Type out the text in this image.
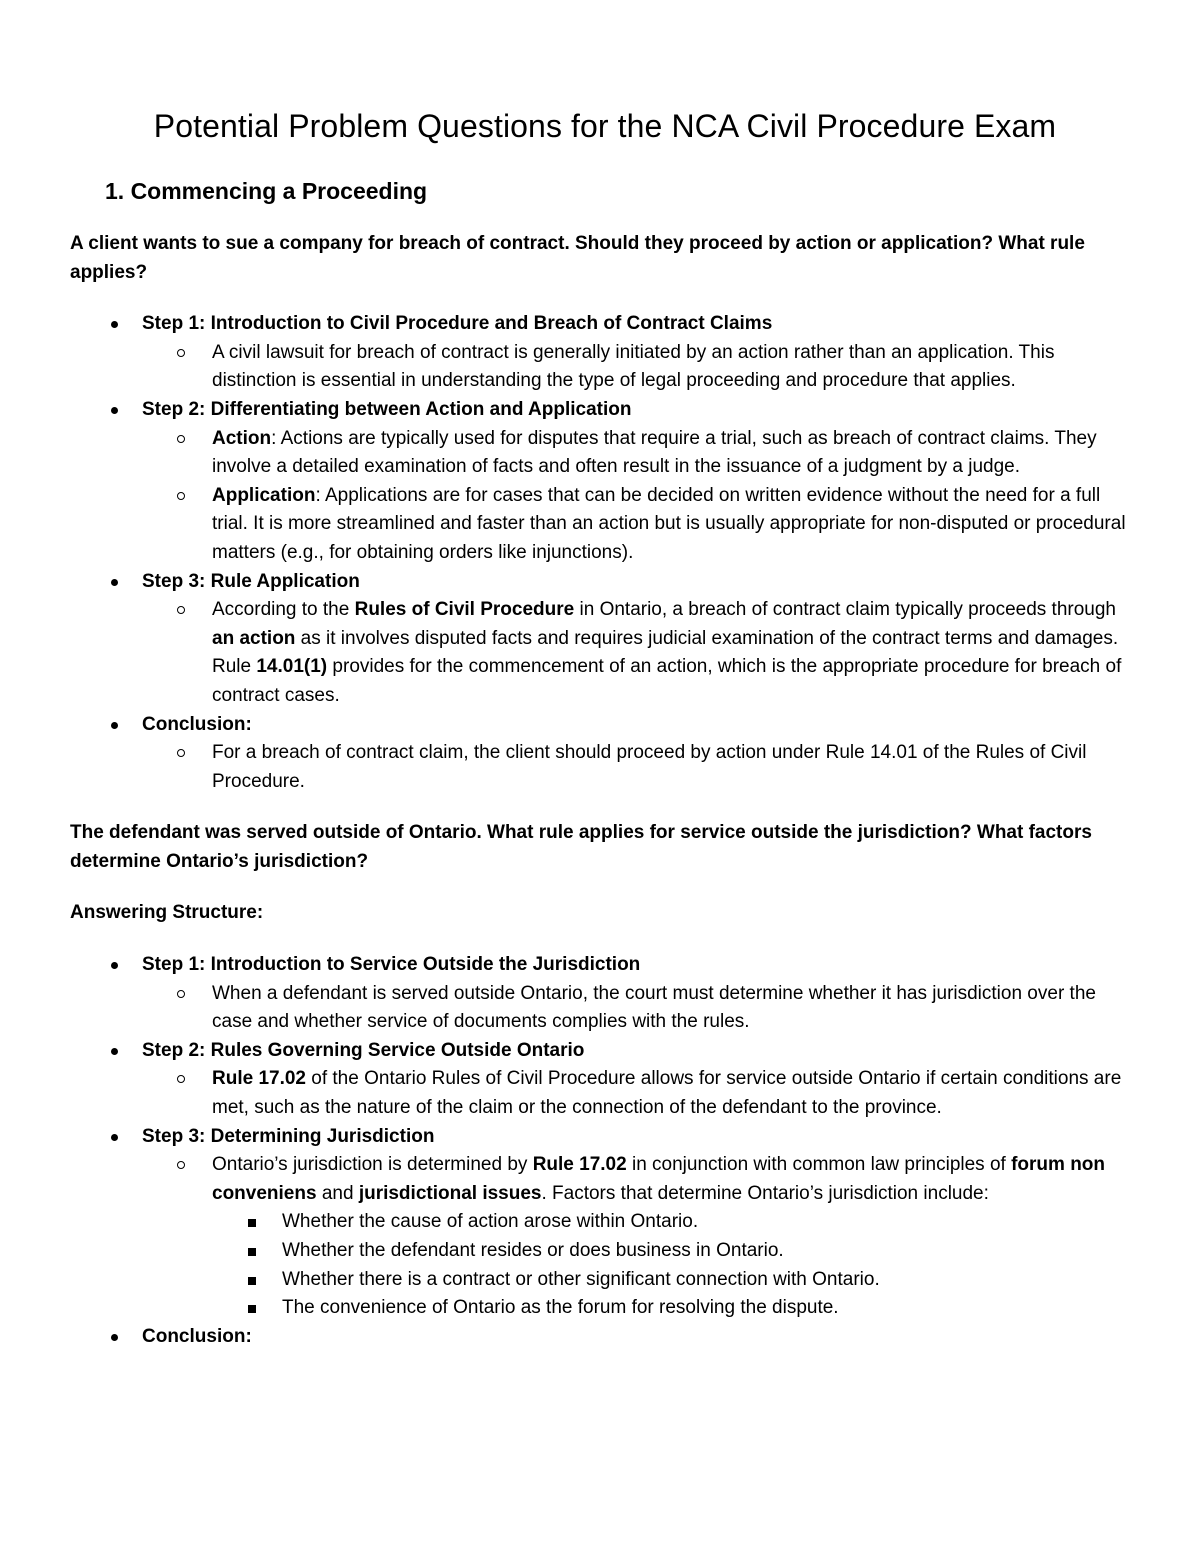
Potential Problem Questions for the NCA Civil Procedure Exam
1. Commencing a Proceeding

A client wants to sue a company for breach of contract. Should they proceed by action or application? What rule applies?

Step 1: Introduction to Civil Procedure and Breach of Contract Claims
A civil lawsuit for breach of contract is generally initiated by an action rather than an application. This distinction is essential in understanding the type of legal proceeding and procedure that applies.
Step 2: Differentiating between Action and Application
Action: Actions are typically used for disputes that require a trial, such as breach of contract claims. They involve a detailed examination of facts and often result in the issuance of a judgment by a judge.
Application: Applications are for cases that can be decided on written evidence without the need for a full trial. It is more streamlined and faster than an action but is usually appropriate for non-disputed or procedural matters (e.g., for obtaining orders like injunctions).
Step 3: Rule Application
According to the Rules of Civil Procedure in Ontario, a breach of contract claim typically proceeds through an action as it involves disputed facts and requires judicial examination of the contract terms and damages. Rule 14.01(1) provides for the commencement of an action, which is the appropriate procedure for breach of contract cases.
Conclusion:
For a breach of contract claim, the client should proceed by action under Rule 14.01 of the Rules of Civil Procedure.

The defendant was served outside of Ontario. What rule applies for service outside the jurisdiction? What factors determine Ontario’s jurisdiction?

Answering Structure:

Step 1: Introduction to Service Outside the Jurisdiction
When a defendant is served outside Ontario, the court must determine whether it has jurisdiction over the case and whether service of documents complies with the rules.
Step 2: Rules Governing Service Outside Ontario
Rule 17.02 of the Ontario Rules of Civil Procedure allows for service outside Ontario if certain conditions are met, such as the nature of the claim or the connection of the defendant to the province.
Step 3: Determining Jurisdiction
Ontario’s jurisdiction is determined by Rule 17.02 in conjunction with common law principles of forum non conveniens and jurisdictional issues. Factors that determine Ontario’s jurisdiction include:
Whether the cause of action arose within Ontario.
Whether the defendant resides or does business in Ontario.
Whether there is a contract or other significant connection with Ontario.
The convenience of Ontario as the forum for resolving the dispute.
Conclusion:
